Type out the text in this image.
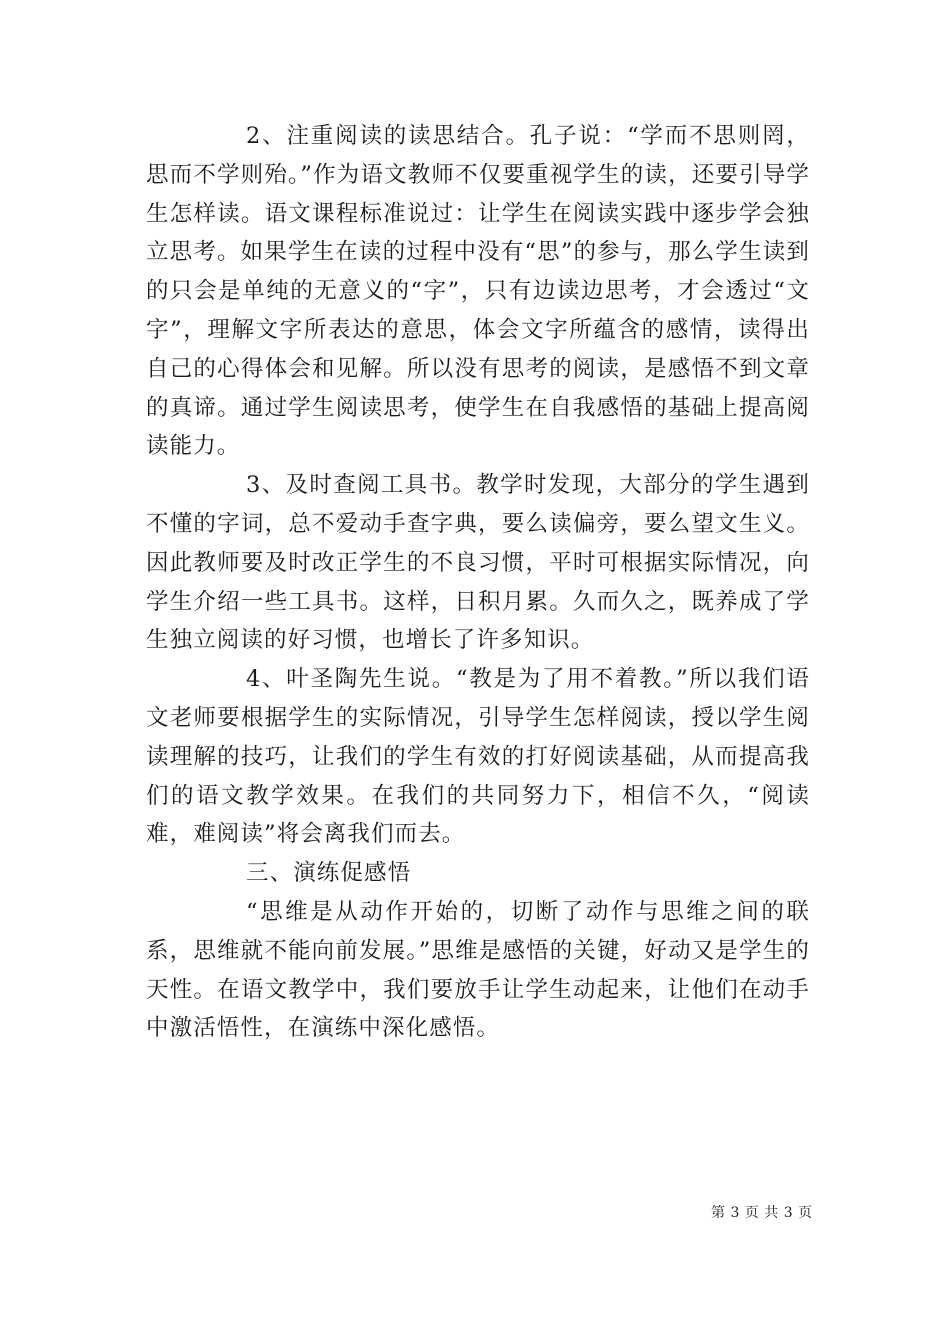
2、注重阅读的读思结合。孔子说：“学而不思则罔，思而不学则殆。”作为语文教师不仅要重视学生的读，还要引导学生怎样读。语文课程标准说过：让学生在阅读实践中逐步学会独立思考。如果学生在读的过程中没有“思”的参与，那么学生读到的只会是单纯的无意义的“字”，只有边读边思考，才会透过“文字”，理解文字所表达的意思，体会文字所蕴含的感情，读得出自己的心得体会和见解。所以没有思考的阅读，是感悟不到文章的真谛。通过学生阅读思考，使学生在自我感悟的基础上提高阅读能力。

3、及时查阅工具书。教学时发现，大部分的学生遇到不懂的字词，总不爱动手查字典，要么读偏旁，要么望文生义。因此教师要及时改正学生的不良习惯，平时可根据实际情况，向学生介绍一些工具书。这样，日积月累。久而久之，既养成了学生独立阅读的好习惯，也增长了许多知识。

4、叶圣陶先生说。“教是为了用不着教。”所以我们语文老师要根据学生的实际情况，引导学生怎样阅读，授以学生阅读理解的技巧，让我们的学生有效的打好阅读基础，从而提高我们的语文教学效果。在我们的共同努力下，相信不久，“阅读难，难阅读”将会离我们而去。

三、演练促感悟

“思维是从动作开始的，切断了动作与思维之间的联系，思维就不能向前发展。”思维是感悟的关键，好动又是学生的天性。在语文教学中，我们要放手让学生动起来，让他们在动手中激活悟性，在演练中深化感悟。

第 3 页 共 3 页
